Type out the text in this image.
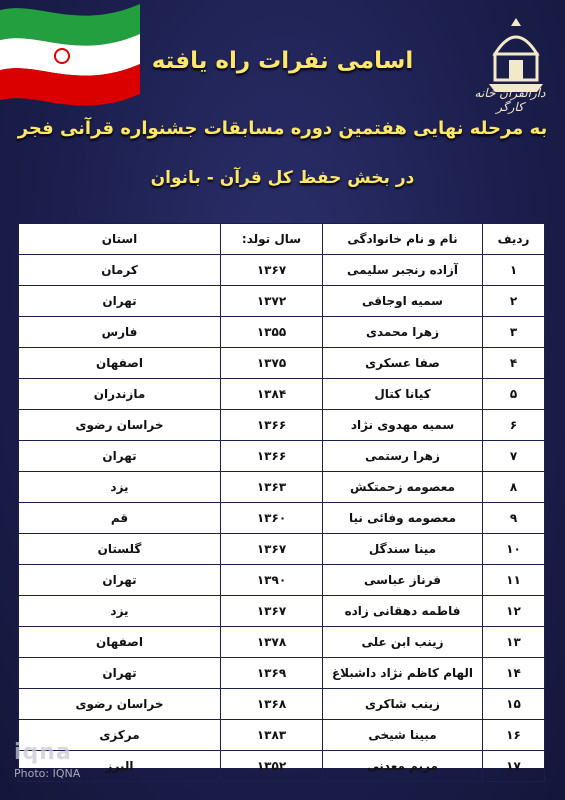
دارالقرآن خانه کارگر
اسامی نفرات راه یافته
به مرحله نهایی هفتمین دوره مسابقات جشنواره قرآنی فجر
در بخش حفظ کل قرآن - بانوان
ردیف	نام و نام خانوادگی	سال تولد:	استان
۱	آزاده رنجبر سلیمی	۱۳۶۷	کرمان
۲	سمیه اوجاقی	۱۳۷۲	تهران
۳	زهرا محمدی	۱۳۵۵	فارس
۴	صفا عسکری	۱۳۷۵	اصفهان
۵	کیانا کتال	۱۳۸۴	مازندران
۶	سمیه مهدوی نژاد	۱۳۶۶	خراسان رضوی
۷	زهرا رستمی	۱۳۶۶	تهران
۸	معصومه زحمتکش	۱۳۶۳	یزد
۹	معصومه وفائی نیا	۱۳۶۰	قم
۱۰	مینا سندگل	۱۳۶۷	گلستان
۱۱	فرناز عباسی	۱۳۹۰	تهران
۱۲	فاطمه دهقانی زاده	۱۳۶۷	یزد
۱۳	زینب ابن علی	۱۳۷۸	اصفهان
۱۴	الهام کاظم نژاد داشبلاغ	۱۳۶۹	تهران
۱۵	زینب شاکری	۱۳۶۸	خراسان رضوی
۱۶	مبینا شیخی	۱۳۸۳	مرکزی
۱۷	مریم معدنی	۱۳۵۲	البرز
iqna
Photo: IQNA
